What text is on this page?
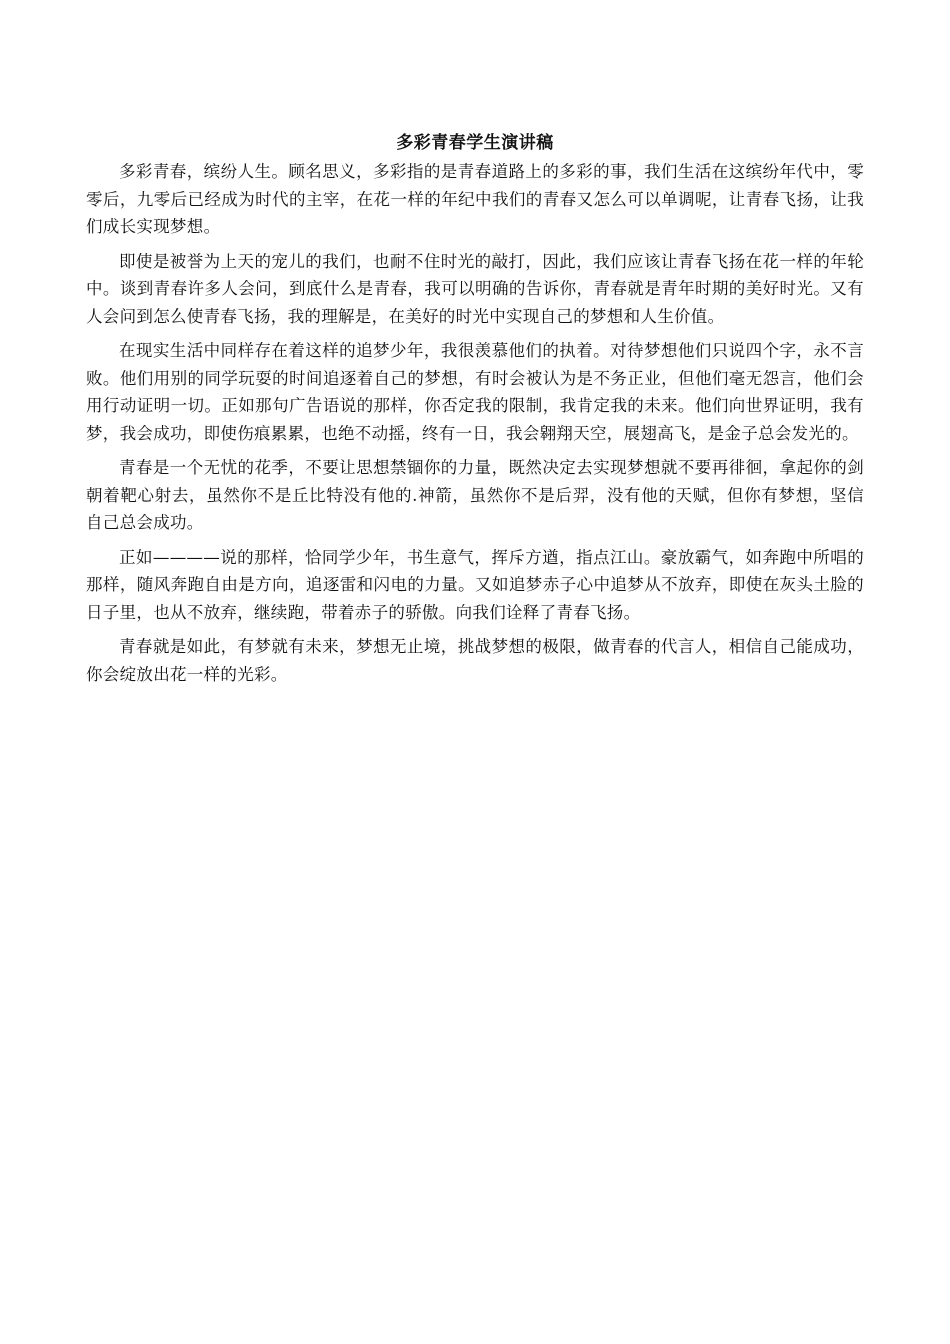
多彩青春学生演讲稿

多彩青春，缤纷人生。顾名思义，多彩指的是青春道路上的多彩的事，我们生活在这缤纷年代中，零零后，九零后已经成为时代的主宰，在花一样的年纪中我们的青春又怎么可以单调呢，让青春飞扬，让我们成长实现梦想。

即使是被誉为上天的宠儿的我们，也耐不住时光的敲打，因此，我们应该让青春飞扬在花一样的年轮中。谈到青春许多人会问，到底什么是青春，我可以明确的告诉你，青春就是青年时期的美好时光。又有人会问到怎么使青春飞扬，我的理解是，在美好的时光中实现自己的梦想和人生价值。

在现实生活中同样存在着这样的追梦少年，我很羡慕他们的执着。对待梦想他们只说四个字，永不言败。他们用别的同学玩耍的时间追逐着自己的梦想，有时会被认为是不务正业，但他们毫无怨言，他们会用行动证明一切。正如那句广告语说的那样，你否定我的限制，我肯定我的未来。他们向世界证明，我有梦，我会成功，即使伤痕累累，也绝不动摇，终有一日，我会翱翔天空，展翅高飞，是金子总会发光的。

青春是一个无忧的花季，不要让思想禁锢你的力量，既然决定去实现梦想就不要再徘徊，拿起你的剑朝着靶心射去，虽然你不是丘比特没有他的.神箭，虽然你不是后羿，没有他的天赋，但你有梦想，坚信自己总会成功。

正如————说的那样，恰同学少年，书生意气，挥斥方遒，指点江山。豪放霸气，如奔跑中所唱的那样，随风奔跑自由是方向，追逐雷和闪电的力量。又如追梦赤子心中追梦从不放弃，即使在灰头土脸的日子里，也从不放弃，继续跑，带着赤子的骄傲。向我们诠释了青春飞扬。

青春就是如此，有梦就有未来，梦想无止境，挑战梦想的极限，做青春的代言人，相信自己能成功，你会绽放出花一样的光彩。
